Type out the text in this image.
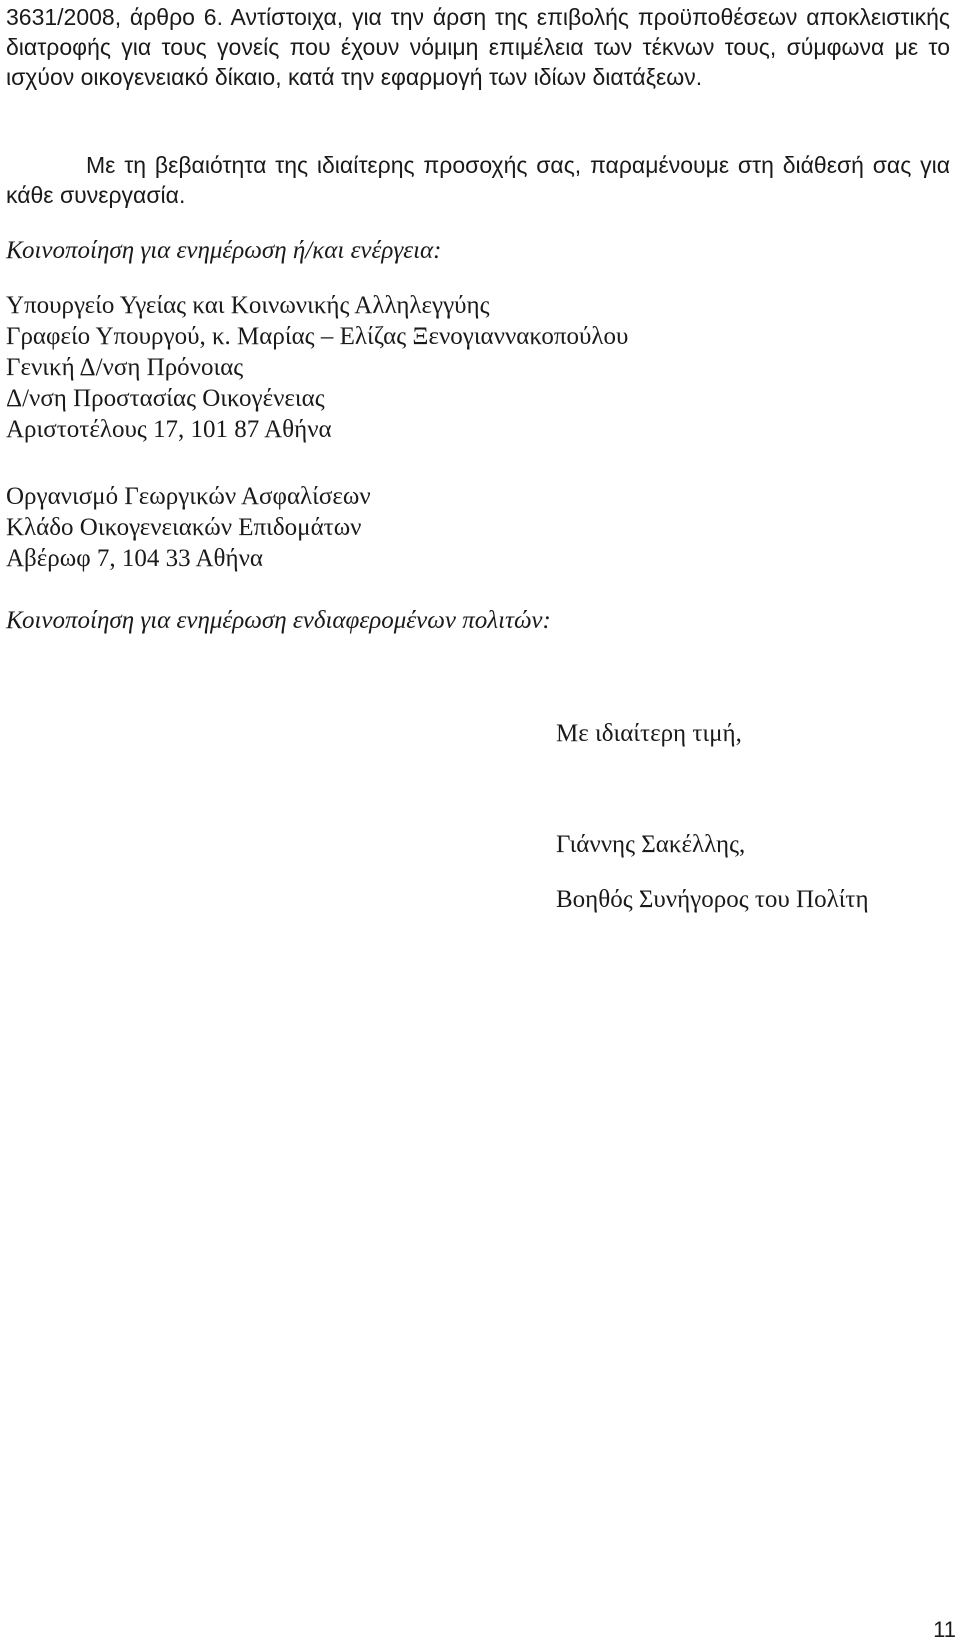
3631/2008, άρθρο 6. Αντίστοιχα, για την άρση της επιβολής προϋποθέσεων αποκλειστικής διατροφής για τους γονείς που έχουν νόμιμη επιμέλεια των τέκνων τους, σύμφωνα με το ισχύον οικογενειακό δίκαιο, κατά την εφαρμογή των ιδίων διατάξεων.
Με τη βεβαιότητα της ιδιαίτερης προσοχής σας, παραμένουμε στη διάθεσή σας για κάθε συνεργασία.
Κοινοποίηση για ενημέρωση ή/και ενέργεια:
Υπουργείο Υγείας και Κοινωνικής Αλληλεγγύης
Γραφείο Υπουργού, κ. Μαρίας – Ελίζας Ξενογιαννακοπούλου
Γενική Δ/νση Πρόνοιας
Δ/νση Προστασίας Οικογένειας
Αριστοτέλους 17, 101 87 Αθήνα
Οργανισμό Γεωργικών Ασφαλίσεων
Κλάδο Οικογενειακών Επιδομάτων
Αβέρωφ 7, 104 33 Αθήνα
Κοινοποίηση για ενημέρωση ενδιαφερομένων πολιτών:
Με ιδιαίτερη τιμή,
Γιάννης Σακέλλης,
Βοηθός Συνήγορος του Πολίτη
11
